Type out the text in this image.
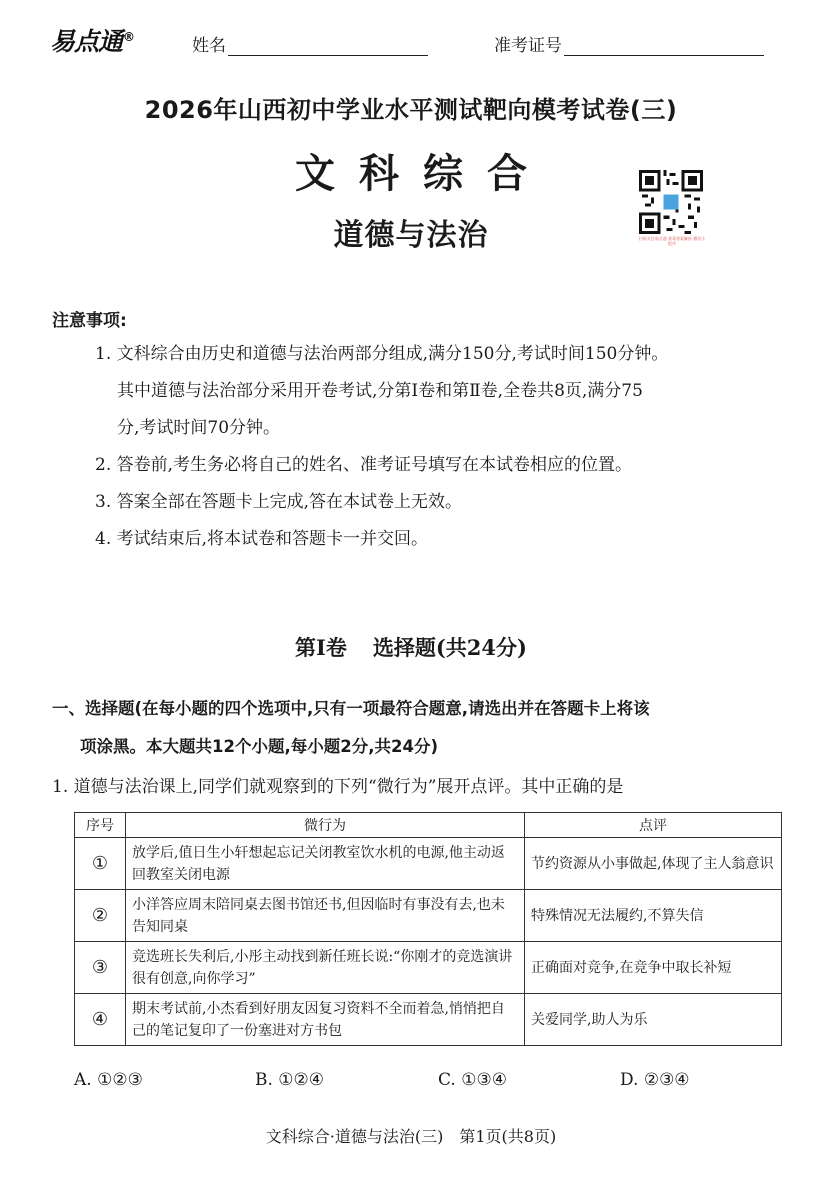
易点通®	姓名	准考证号
2026年山西初中学业水平测试靶向模考试卷(三)
文科综合
道德与法治	扫码关注易点通 查看答案解析 微信小程序
注意事项:
1. 文科综合由历史和道德与法治两部分组成,满分150分,考试时间150分钟。
其中道德与法治部分采用开卷考试,分第Ⅰ卷和第Ⅱ卷,全卷共8页,满分75
分,考试时间70分钟。
2. 答卷前,考生务必将自己的姓名、准考证号填写在本试卷相应的位置。
3. 答案全部在答题卡上完成,答在本试卷上无效。
4. 考试结束后,将本试卷和答题卡一并交回。
第Ⅰ卷 选择题(共24分)
一、选择题(在每小题的四个选项中,只有一项最符合题意,请选出并在答题卡上将该
项涂黑。本大题共12个小题,每小题2分,共24分)
1. 道德与法治课上,同学们就观察到的下列“微行为”展开点评。其中正确的是
序号	微行为	点评
①	放学后,值日生小轩想起忘记关闭教室饮水机的电源,他主动返回教室关闭电源	节约资源从小事做起,体现了主人翁意识
②	小洋答应周末陪同桌去图书馆还书,但因临时有事没有去,也未告知同桌	特殊情况无法履约,不算失信
③	竞选班长失利后,小彤主动找到新任班长说:“你刚才的竞选演讲很有创意,向你学习”	正确面对竞争,在竞争中取长补短
④	期末考试前,小杰看到好朋友因复习资料不全而着急,悄悄把自己的笔记复印了一份塞进对方书包	关爱同学,助人为乐
A. ①②③	B. ①②④	C. ①③④	D. ②③④
文科综合·道德与法治(三)　第1页(共8页)
